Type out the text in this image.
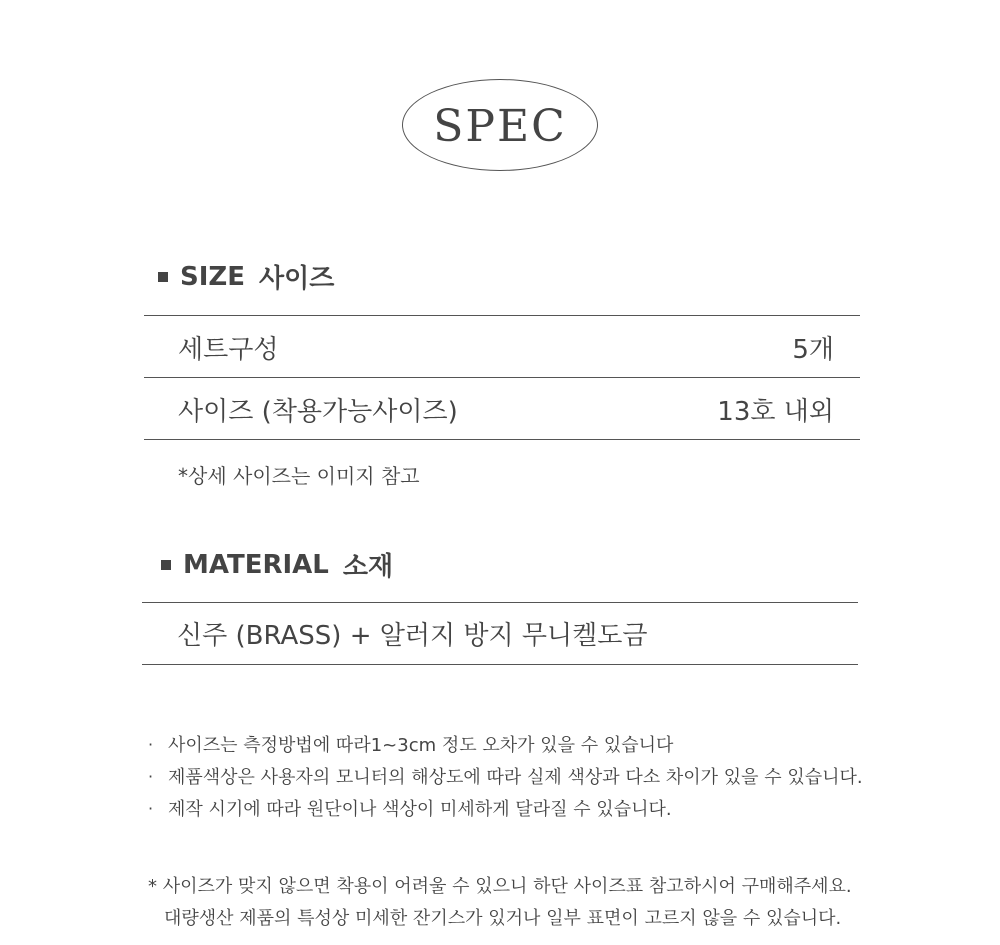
SPEC
SIZE 사이즈
세트구성	5개
사이즈 (착용가능사이즈)	13호 내외
*상세 사이즈는 이미지 참고
MATERIAL 소재
신주 (BRASS) + 알러지 방지 무니켈도금
· 사이즈는 측정방법에 따라1~3cm 정도 오차가 있을 수 있습니다
· 제품색상은 사용자의 모니터의 해상도에 따라 실제 색상과 다소 차이가 있을 수 있습니다.
· 제작 시기에 따라 원단이나 색상이 미세하게 달라질 수 있습니다.
* 사이즈가 맞지 않으면 착용이 어려울 수 있으니 하단 사이즈표 참고하시어 구매해주세요.
대량생산 제품의 특성상 미세한 잔기스가 있거나 일부 표면이 고르지 않을 수 있습니다.
